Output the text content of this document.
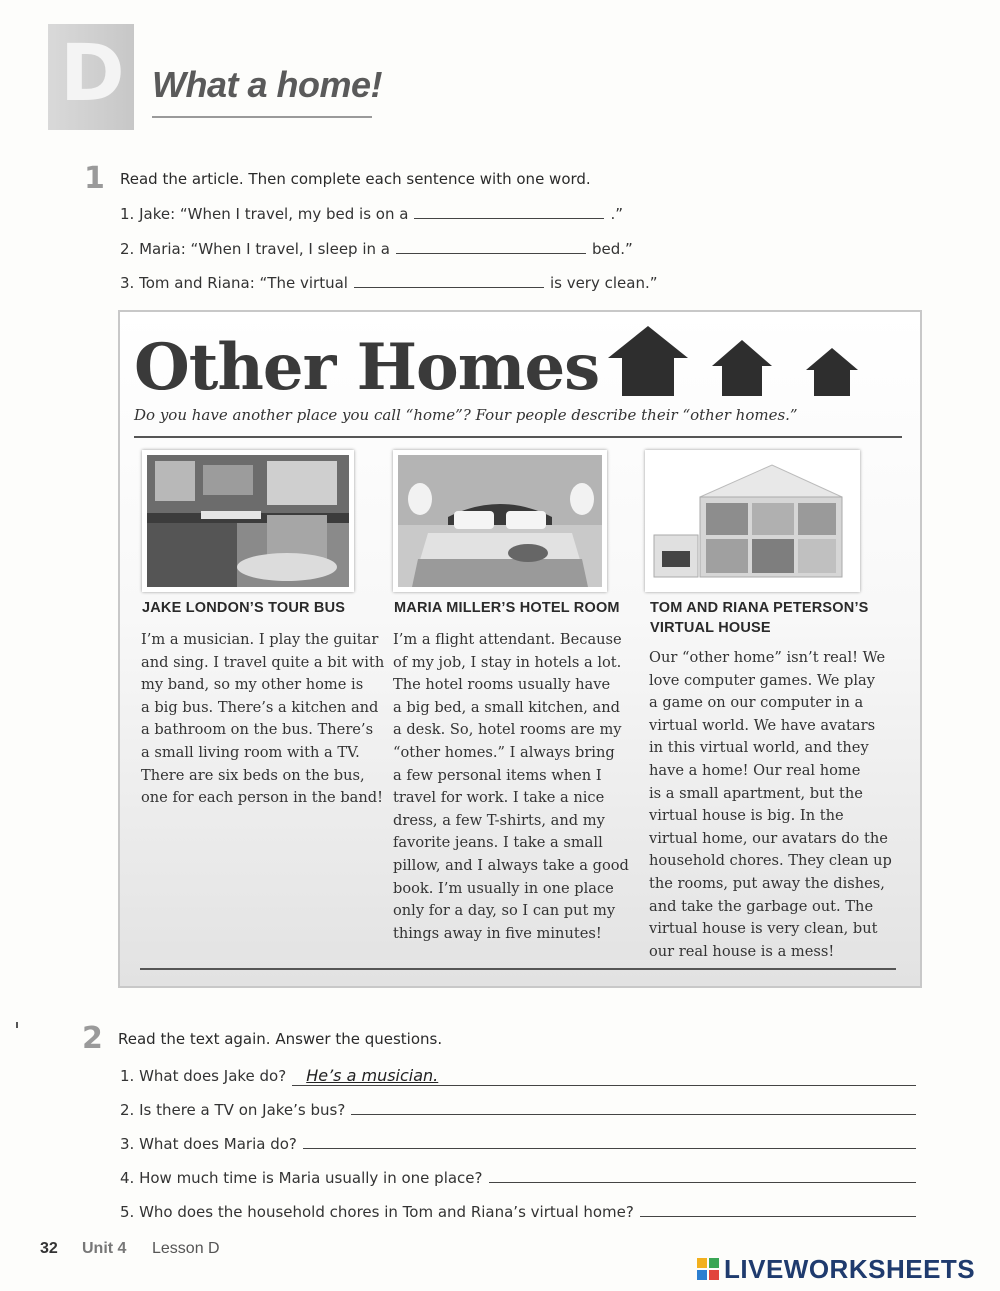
D What a home!
1 Read the article. Then complete each sentence with one word.
1. Jake: “When I travel, my bed is on a	.”
2. Maria: “When I travel, I sleep in a	bed.”
3. Tom and Riana: “The virtual	is very clean.”
Other Homes
Do you have another place you call “home”? Four people describe their “other homes.”
JAKE LONDON’S TOUR BUS	MARIA MILLER’S HOTEL ROOM TOM AND RIANA PETERSON’S
VIRTUAL HOUSE
I’m a musician. I play the guitar
and sing. I travel quite a bit with
my band, so my other home is
a big bus. There’s a kitchen and
a bathroom on the bus. There’s
a small living room with a TV.
There are six beds on the bus,
one for each person in the band!
I’m a flight attendant. Because
of my job, I stay in hotels a lot.
The hotel rooms usually have
a big bed, a small kitchen, and
a desk. So, hotel rooms are my
“other homes.” I always bring
a few personal items when I
travel for work. I take a nice
dress, a few T-shirts, and my
favorite jeans. I take a small
pillow, and I always take a good
book. I’m usually in one place
only for a day, so I can put my
things away in five minutes!
Our “other home” isn’t real! We
love computer games. We play
a game on our computer in a
virtual world. We have avatars
in this virtual world, and they
have a home! Our real home
is a small apartment, but the
virtual house is big. In the
virtual home, our avatars do the
household chores. They clean up
the rooms, put away the dishes,
and take the garbage out. The
virtual house is very clean, but
our real house is a mess!
2 Read the text again. Answer the questions.
1. What does Jake do?	He’s a musician.
2. Is there a TV on Jake’s bus?
3. What does Maria do?
4. How much time is Maria usually in one place?
5. Who does the household chores in Tom and Riana’s virtual home?
32 Unit 4 Lesson D
LIVEWORKSHEETS
